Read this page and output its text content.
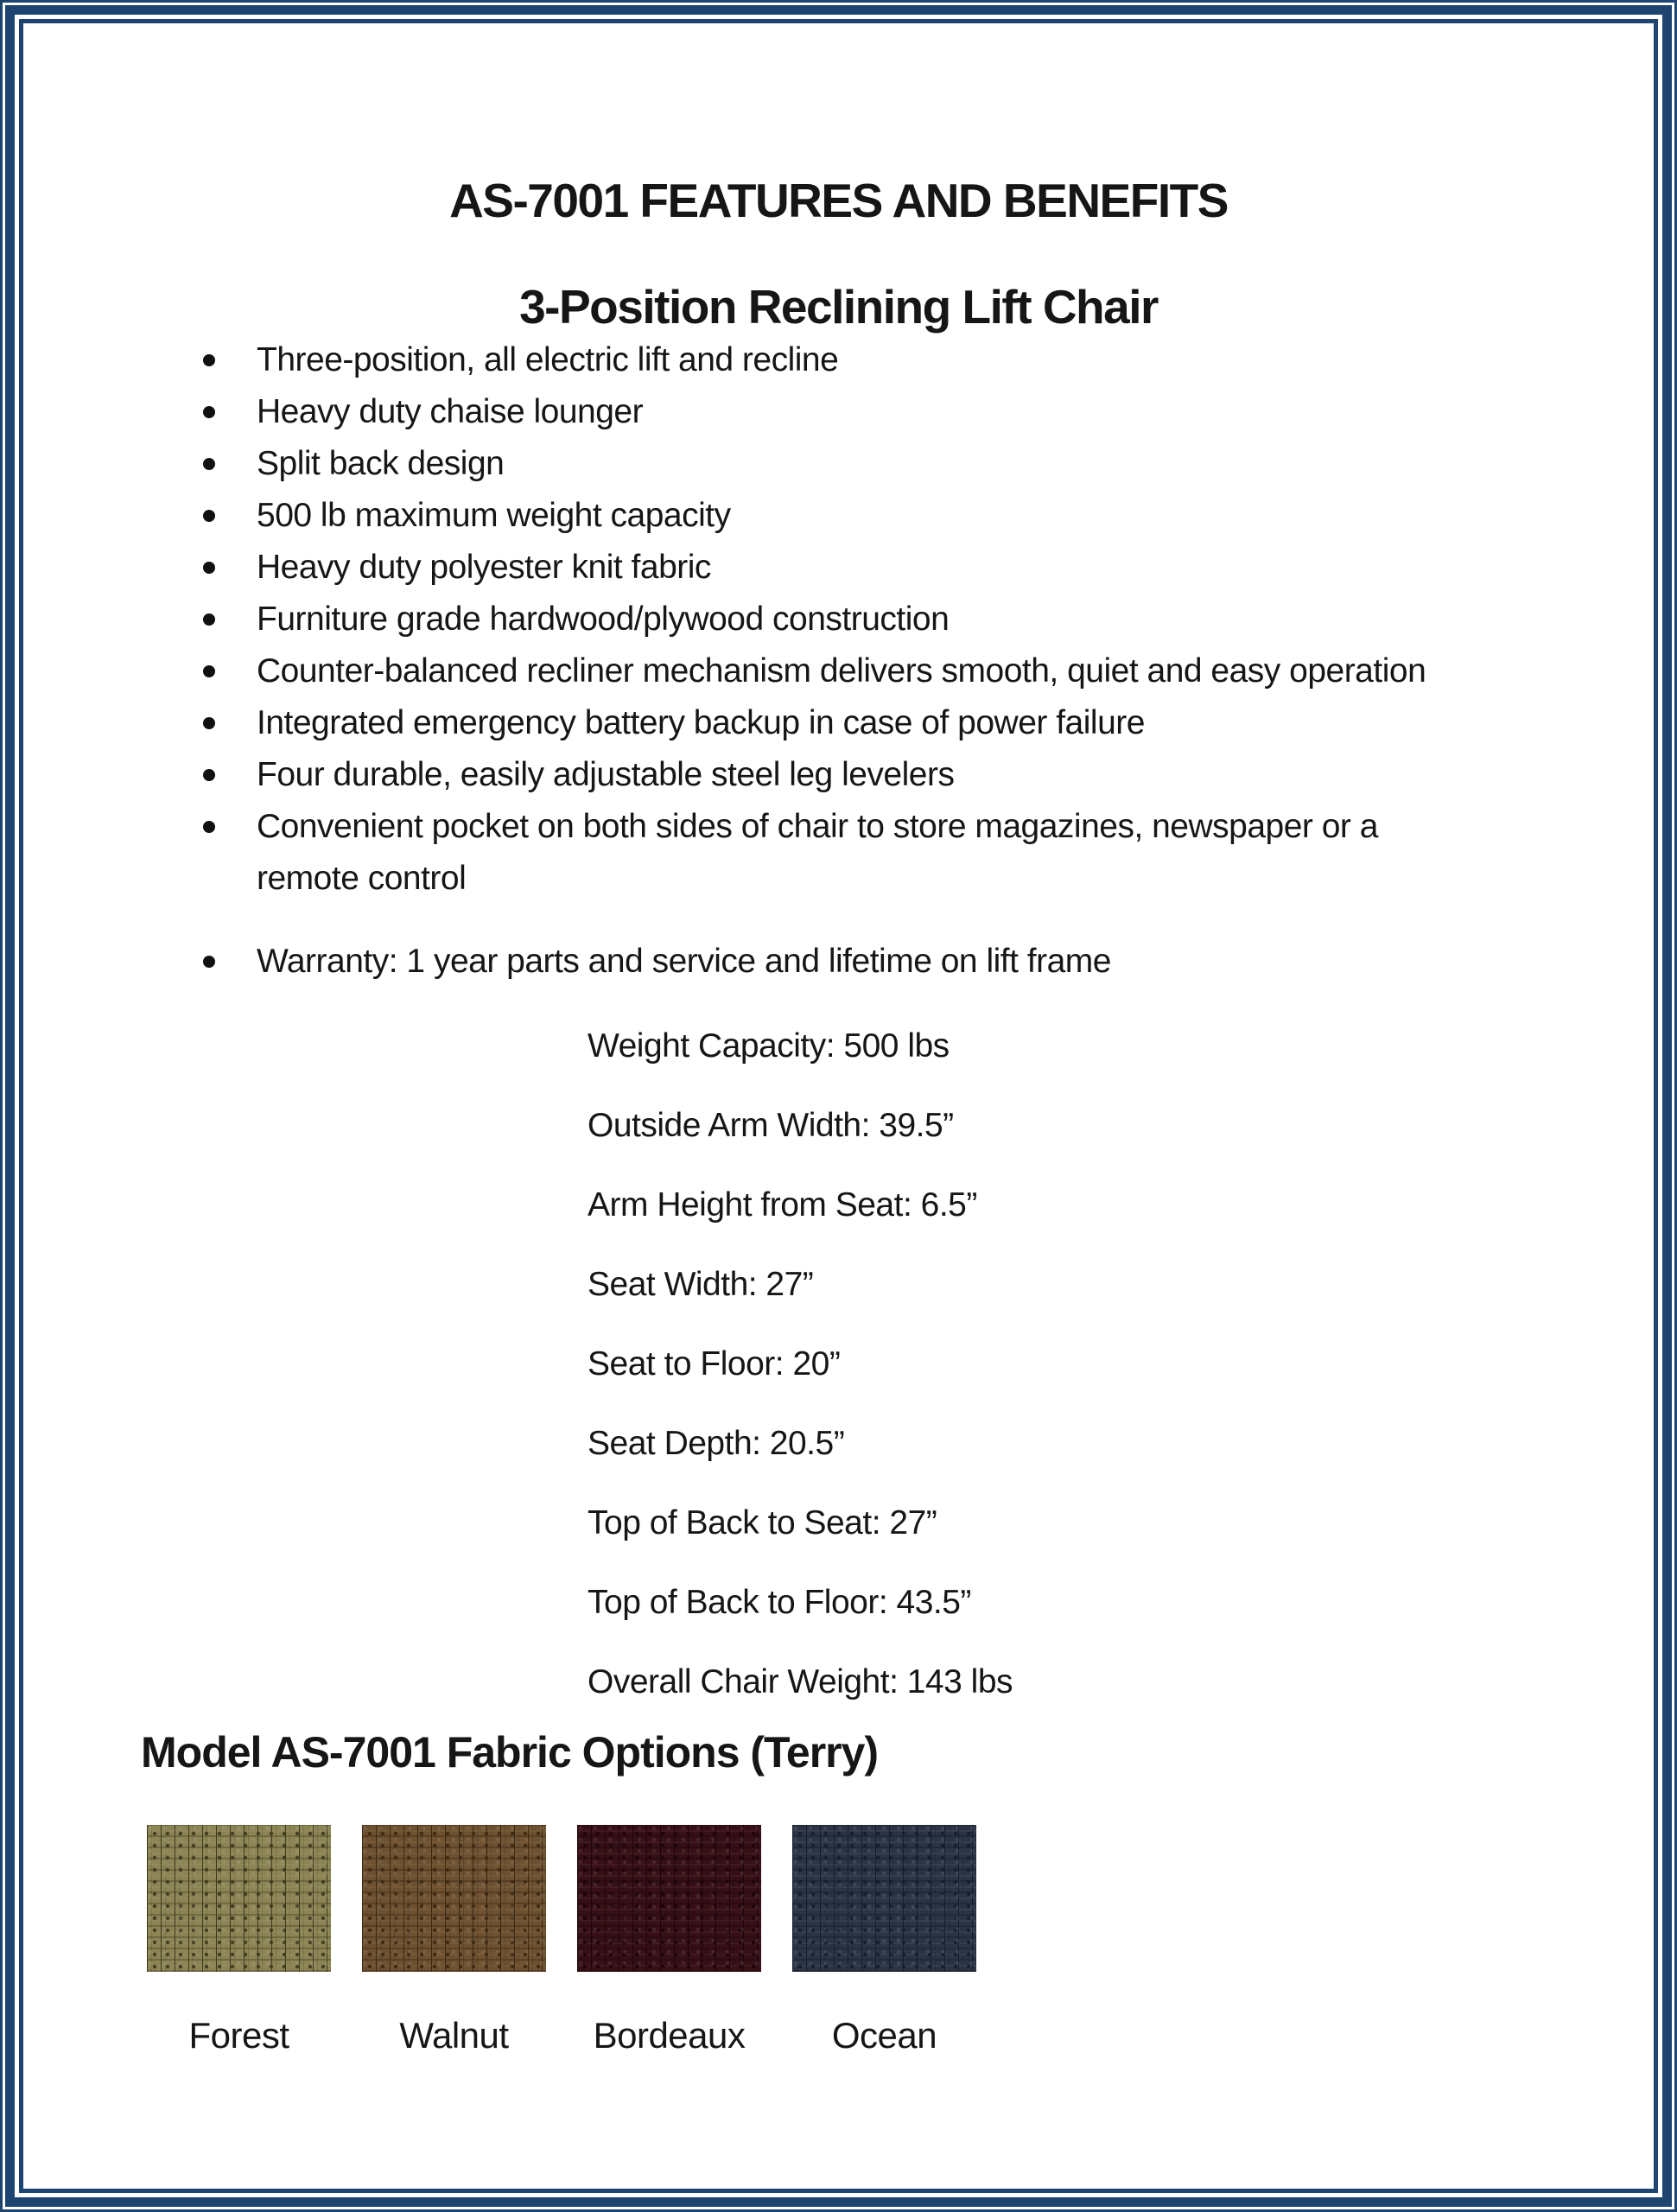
AS-7001 FEATURES AND BENEFITS
3-Position Reclining Lift Chair
Three-position, all electric lift and recline
Heavy duty chaise lounger
Split back design
500 lb maximum weight capacity
Heavy duty polyester knit fabric
Furniture grade hardwood/plywood construction
Counter-balanced recliner mechanism delivers smooth, quiet and easy operation
Integrated emergency battery backup in case of power failure
Four durable, easily adjustable steel leg levelers
Convenient pocket on both sides of chair to store magazines, newspaper or a remote control
Warranty: 1 year parts and service and lifetime on lift frame
Weight Capacity: 500 lbs
Outside Arm Width: 39.5”
Arm Height from Seat: 6.5”
Seat Width: 27”
Seat to Floor: 20”
Seat Depth: 20.5”
Top of Back to Seat: 27”
Top of Back to Floor: 43.5”
Overall Chair Weight: 143 lbs
Model AS-7001 Fabric Options (Terry)
Forest	Walnut	Bordeaux	Ocean
